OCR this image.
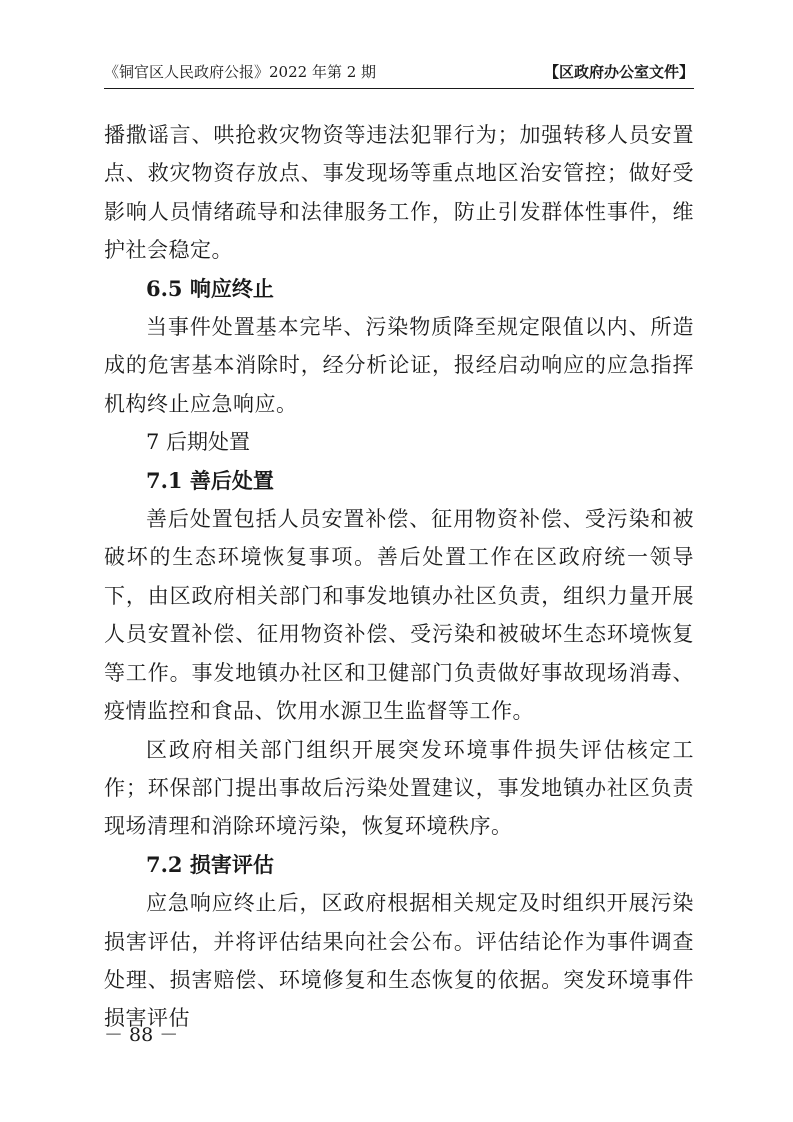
《铜官区人民政府公报》2022 年第 2 期	【区政府办公室文件】

播撒谣言、哄抢救灾物资等违法犯罪行为；加强转移人员安置点、救灾物资存放点、事发现场等重点地区治安管控；做好受影响人员情绪疏导和法律服务工作，防止引发群体性事件，维护社会稳定。

6.5 响应终止

当事件处置基本完毕、污染物质降至规定限值以内、所造成的危害基本消除时，经分析论证，报经启动响应的应急指挥机构终止应急响应。

7 后期处置

7.1 善后处置

善后处置包括人员安置补偿、征用物资补偿、受污染和被破坏的生态环境恢复事项。善后处置工作在区政府统一领导下，由区政府相关部门和事发地镇办社区负责，组织力量开展人员安置补偿、征用物资补偿、受污染和被破坏生态环境恢复等工作。事发地镇办社区和卫健部门负责做好事故现场消毒、疫情监控和食品、饮用水源卫生监督等工作。

区政府相关部门组织开展突发环境事件损失评估核定工作；环保部门提出事故后污染处置建议，事发地镇办社区负责现场清理和消除环境污染，恢复环境秩序。

7.2 损害评估

应急响应终止后，区政府根据相关规定及时组织开展污染损害评估，并将评估结果向社会公布。评估结论作为事件调查处理、损害赔偿、环境修复和生态恢复的依据。突发环境事件损害评估

－ 88 －
